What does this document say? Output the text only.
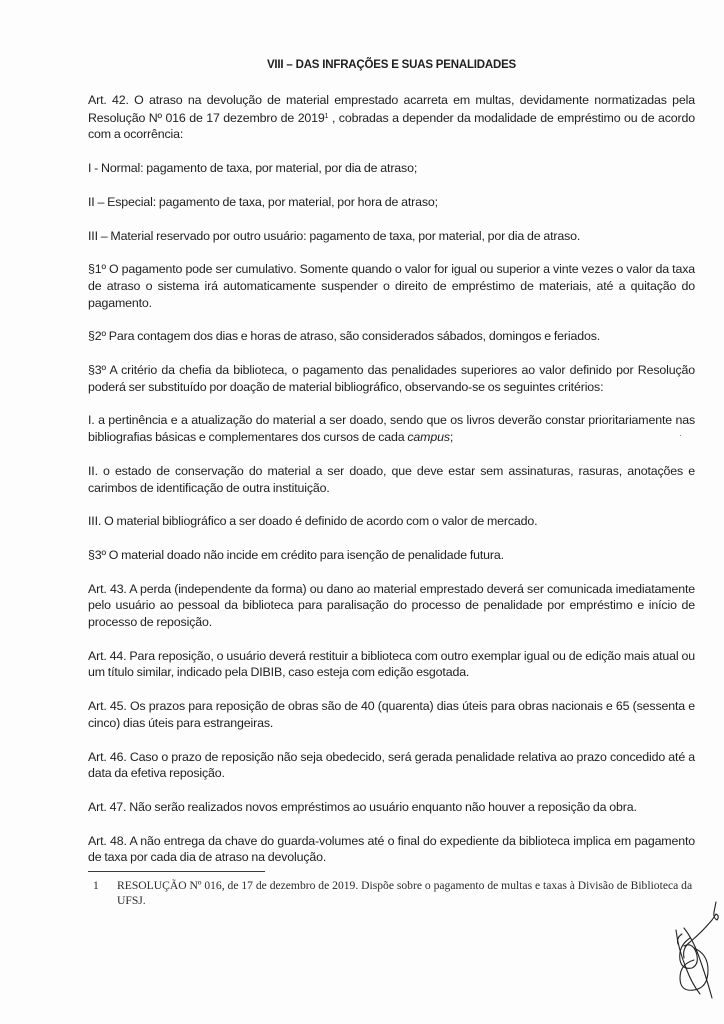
VIII – DAS INFRAÇÕES E SUAS PENALIDADES

Art. 42. O atraso na devolução de material emprestado acarreta em multas, devidamente normatizadas pela Resolução Nº 016 de 17 dezembro de 2019$^1$ , cobradas a depender da modalidade de empréstimo ou de acordo com a ocorrência:

I - Normal: pagamento de taxa, por material, por dia de atraso;

II – Especial: pagamento de taxa, por material, por hora de atraso;

III – Material reservado por outro usuário: pagamento de taxa, por material, por dia de atraso.

§1º O pagamento pode ser cumulativo. Somente quando o valor for igual ou superior a vinte vezes o valor da taxa de atraso o sistema irá automaticamente suspender o direito de empréstimo de materiais, até a quitação do pagamento.

§2º Para contagem dos dias e horas de atraso, são considerados sábados, domingos e feriados.

§3º A critério da chefia da biblioteca, o pagamento das penalidades superiores ao valor definido por Resolução poderá ser substituído por doação de material bibliográfico, observando-se os seguintes critérios:

I. a pertinência e a atualização do material a ser doado, sendo que os livros deverão constar prioritariamente nas bibliografias básicas e complementares dos cursos de cada campus;

II. o estado de conservação do material a ser doado, que deve estar sem assinaturas, rasuras, anotações e carimbos de identificação de outra instituição.

III. O material bibliográfico a ser doado é definido de acordo com o valor de mercado.

§3º O material doado não incide em crédito para isenção de penalidade futura.

Art. 43. A perda (independente da forma) ou dano ao material emprestado deverá ser comunicada imediatamente pelo usuário ao pessoal da biblioteca para paralisação do processo de penalidade por empréstimo e início de processo de reposição.

Art. 44. Para reposição, o usuário deverá restituir a biblioteca com outro exemplar igual ou de edição mais atual ou um título similar, indicado pela DIBIB, caso esteja com edição esgotada.

Art. 45. Os prazos para reposição de obras são de 40 (quarenta) dias úteis para obras nacionais e 65 (sessenta e cinco) dias úteis para estrangeiras.

Art. 46. Caso o prazo de reposição não seja obedecido, será gerada penalidade relativa ao prazo concedido até a data da efetiva reposição.

Art. 47. Não serão realizados novos empréstimos ao usuário enquanto não houver a reposição da obra.

Art. 48. A não entrega da chave do guarda-volumes até o final do expediente da biblioteca implica em pagamento de taxa por cada dia de atraso na devolução.

1	RESOLUÇÃO Nº 016, de 17 de dezembro de 2019. Dispõe sobre o pagamento de multas e taxas à Divisão de Biblioteca da UFSJ.
